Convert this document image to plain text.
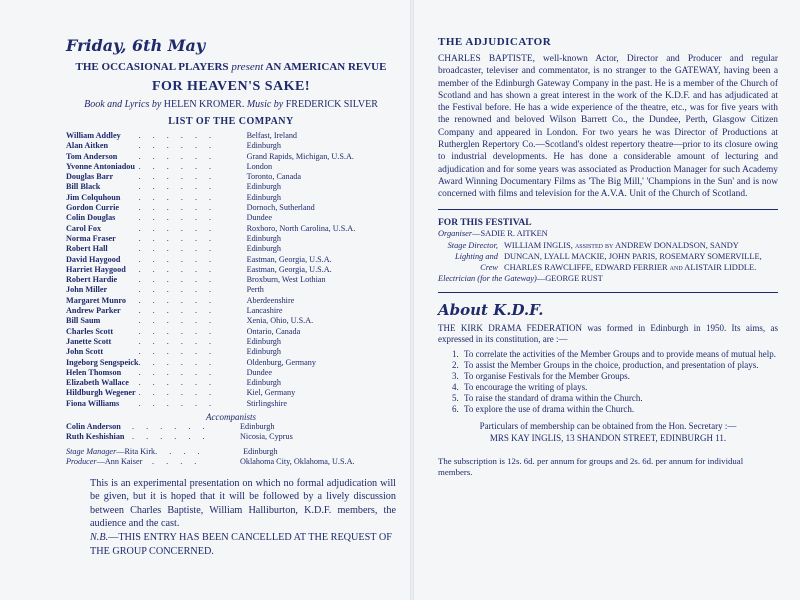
Friday, 6th May
THE OCCASIONAL PLAYERS present AN AMERICAN REVUE
FOR HEAVEN'S SAKE!
Book and Lyrics by HELEN KROMER. Music by FREDERICK SILVER
LIST OF THE COMPANY
William Addley	. . . . . .	Belfast, Ireland
Alan Aitken	. . . . . .	Edinburgh
Tom Anderson	. . . . . .	Grand Rapids, Michigan, U.S.A.
Yvonne Antoniadou	. . . . . .	London
Douglas Barr	. . . . . .	Toronto, Canada
Bill Black	. . . . . .	Edinburgh
Jim Colquhoun	. . . . . .	Edinburgh
Gordon Currie	. . . . . .	Dornoch, Sutherland
Colin Douglas	. . . . . .	Dundee
Carol Fox	. . . . . .	Roxboro, North Carolina, U.S.A.
Norma Fraser	. . . . . .	Edinburgh
Robert Hall	. . . . . .	Edinburgh
David Haygood	. . . . . .	Eastman, Georgia, U.S.A.
Harriet Haygood	. . . . . .	Eastman, Georgia, U.S.A.
Robert Hardie	. . . . . .	Broxburn, West Lothian
John Miller	. . . . . .	Perth
Margaret Munro	. . . . . .	Aberdeenshire
Andrew Parker	. . . . . .	Lancashire
Bill Saum	. . . . . .	Xenia, Ohio, U.S.A.
Charles Scott	. . . . . .	Ontario, Canada
Janette Scott	. . . . . .	Edinburgh
John Scott	. . . . . .	Edinburgh
Ingeborg Sengspeick	. . . . . .	Oldenburg, Germany
Helen Thomson	. . . . . .	Dundee
Elizabeth Wallace	. . . . . .	Edinburgh
Hildburgh Wegener	. . . . . .	Kiel, Germany
Fiona Williams	. . . . . .	Stirlingshire
Accompanists
Colin Anderson	. . . . . .	Edinburgh
Ruth Keshishian	. . . . . .	Nicosia, Cyprus
Stage Manager—Rita Kirk	. . . .	Edinburgh
Producer—Ann Kaiser	. . . .	Oklahoma City, Oklahoma, U.S.A.
This is an experimental presentation on which no formal adjudication will be given, but it is hoped that it will be followed by a lively discussion between Charles Baptiste, William Halliburton, K.D.F. members, the audience and the cast.
N.B.—THIS ENTRY HAS BEEN CANCELLED AT THE REQUEST OF THE GROUP CONCERNED.
THE ADJUDICATOR
CHARLES BAPTISTE, well-known Actor, Director and Producer and regular broadcaster, televiser and commentator, is no stranger to the GATEWAY, having been a member of the Edinburgh Gateway Company in the past. He is a member of the Church of Scotland and has shown a great interest in the work of the K.D.F. and has adjudicated at the Festival before. He has a wide experience of the theatre, etc., was for five years with the renowned and beloved Wilson Barrett Co., the Dundee, Perth, Glasgow Citizen Company and appeared in London. For two years he was Director of Productions at Rutherglen Repertory Co.—Scotland's oldest repertory theatre—prior to its closure owing to industrial developments. He has done a considerable amount of lecturing and adjudication and for some years was associated as Production Manager for such Academy Award Winning Documentary Films as 'The Big Mill,' 'Champions in the Sun' and is now concerned with films and television for the A.V.A. Unit of the Church of Scotland.
FOR THIS FESTIVAL
Organiser—SADIE R. AITKEN
Stage Director, Lighting and Crew
WILLIAM INGLIS, assisted by ANDREW DONALDSON, SANDY DUNCAN, LYALL MACKIE, JOHN PARIS, ROSEMARY SOMERVILLE, CHARLES RAWCLIFFE, EDWARD FERRIER and ALISTAIR LIDDLE.
Electrician (for the Gateway)—GEORGE RUST
About K.D.F.
THE KIRK DRAMA FEDERATION was formed in Edinburgh in 1950. Its aims, as expressed in its constitution, are :—
1. To correlate the activities of the Member Groups and to provide means of mutual help.
2. To assist the Member Groups in the choice, production, and presentation of plays.
3. To organise Festivals for the Member Groups.
4. To encourage the writing of plays.
5. To raise the standard of drama within the Church.
6. To explore the use of drama within the Church.
Particulars of membership can be obtained from the Hon. Secretary :—
MRS KAY INGLIS, 13 SHANDON STREET, EDINBURGH 11.
The subscription is 12s. 6d. per annum for groups and 2s. 6d. per annum for individual members.
